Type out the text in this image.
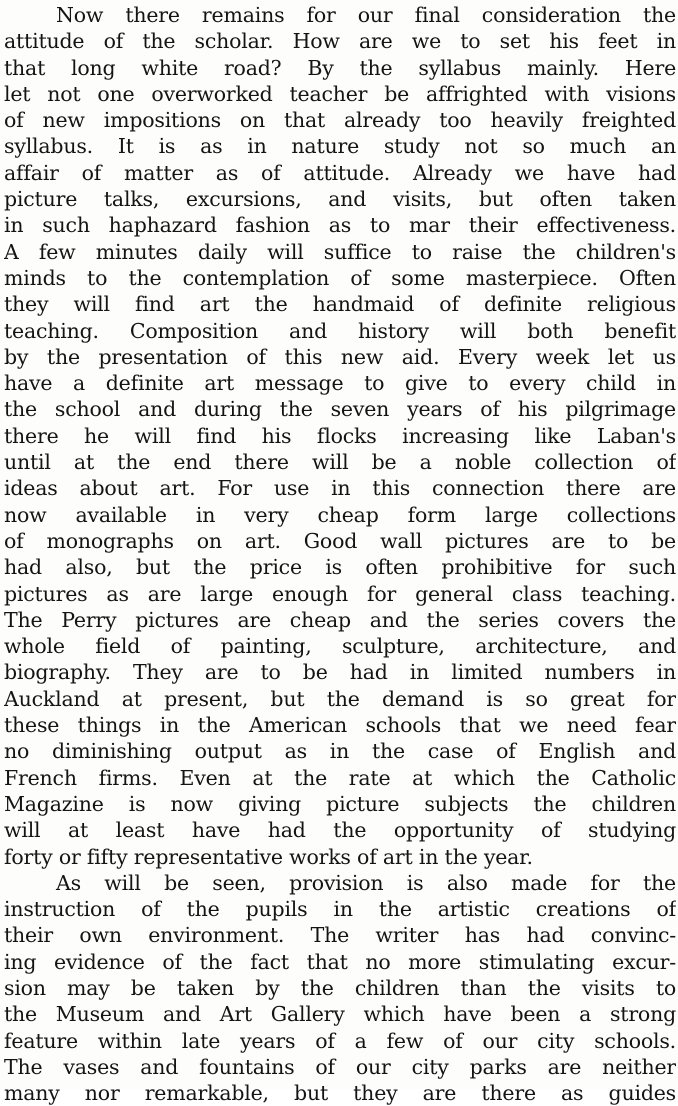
Now there remains for our final consideration the
attitude of the scholar. How are we to set his feet in
that long white road? By the syllabus mainly. Here
let not one overworked teacher be affrighted with visions
of new impositions on that already too heavily freighted
syllabus. It is as in nature study not so much an
affair of matter as of attitude. Already we have had
picture talks, excursions, and visits, but often taken
in such haphazard fashion as to mar their effectiveness.
A few minutes daily will suffice to raise the children's
minds to the contemplation of some masterpiece. Often
they will find art the handmaid of definite religious
teaching. Composition and history will both benefit
by the presentation of this new aid. Every week let us
have a definite art message to give to every child in
the school and during the seven years of his pilgrimage
there he will find his flocks increasing like Laban's
until at the end there will be a noble collection of
ideas about art. For use in this connection there are
now available in very cheap form large collections
of monographs on art. Good wall pictures are to be
had also, but the price is often prohibitive for such
pictures as are large enough for general class teaching.
The Perry pictures are cheap and the series covers the
whole field of painting, sculpture, architecture, and
biography. They are to be had in limited numbers in
Auckland at present, but the demand is so great for
these things in the American schools that we need fear
no diminishing output as in the case of English and
French firms. Even at the rate at which the Catholic
Magazine is now giving picture subjects the children
will at least have had the opportunity of studying
forty or fifty representative works of art in the year.
As will be seen, provision is also made for the
instruction of the pupils in the artistic creations of
their own environment. The writer has had convinc-
ing evidence of the fact that no more stimulating excur-
sion may be taken by the children than the visits to
the Museum and Art Gallery which have been a strong
feature within late years of a few of our city schools.
The vases and fountains of our city parks are neither
many nor remarkable, but they are there as guides
